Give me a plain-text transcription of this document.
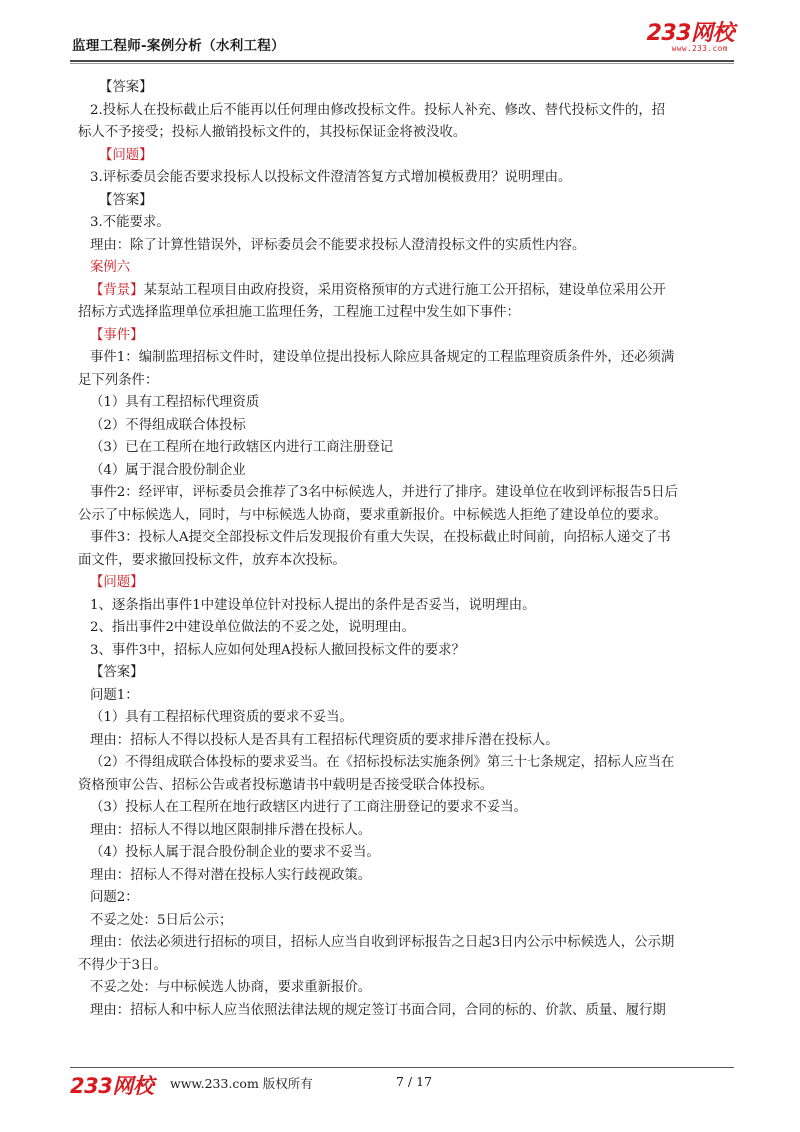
监理工程师-案例分析（水利工程）	233网校
www.233.com

【答案】

2.投标人在投标截止后不能再以任何理由修改投标文件。投标人补充、修改、替代投标文件的，招

标人不予接受；投标人撤销投标文件的，其投标保证金将被没收。

【问题】

3.评标委员会能否要求投标人以投标文件澄清答复方式增加模板费用？说明理由。

【答案】

3.不能要求。

理由：除了计算性错误外，评标委员会不能要求投标人澄清投标文件的实质性内容。

案例六

【背景】某泵站工程项目由政府投资，采用资格预审的方式进行施工公开招标，建设单位采用公开

招标方式选择监理单位承担施工监理任务，工程施工过程中发生如下事件：

【事件】

事件1：编制监理招标文件时，建设单位提出投标人除应具备规定的工程监理资质条件外，还必须满

足下列条件：

（1）具有工程招标代理资质

（2）不得组成联合体投标

（3）已在工程所在地行政辖区内进行工商注册登记

（4）属于混合股份制企业

事件2：经评审，评标委员会推荐了3名中标候选人，并进行了排序。建设单位在收到评标报告5日后

公示了中标候选人，同时，与中标候选人协商，要求重新报价。中标候选人拒绝了建设单位的要求。

事件3：投标人A提交全部投标文件后发现报价有重大失误，在投标截止时间前，向招标人递交了书

面文件，要求撤回投标文件，放弃本次投标。

【问题】

1、逐条指出事件1中建设单位针对投标人提出的条件是否妥当，说明理由。

2、指出事件2中建设单位做法的不妥之处，说明理由。

3、事件3中，招标人应如何处理A投标人撤回投标文件的要求？

【答案】

问题1：

（1）具有工程招标代理资质的要求不妥当。

理由：招标人不得以投标人是否具有工程招标代理资质的要求排斥潜在投标人。

（2）不得组成联合体投标的要求妥当。在《招标投标法实施条例》第三十七条规定，招标人应当在

资格预审公告、招标公告或者投标邀请书中载明是否接受联合体投标。

（3）投标人在工程所在地行政辖区内进行了工商注册登记的要求不妥当。

理由：招标人不得以地区限制排斥潜在投标人。

（4）投标人属于混合股份制企业的要求不妥当。

理由：招标人不得对潜在投标人实行歧视政策。

问题2：

不妥之处：5日后公示；

理由：依法必须进行招标的项目，招标人应当自收到评标报告之日起3日内公示中标候选人，公示期

不得少于3日。

不妥之处：与中标候选人协商，要求重新报价。

理由：招标人和中标人应当依照法律法规的规定签订书面合同，合同的标的、价款、质量、履行期

233网校 www.233.com 版权所有	7 / 17
